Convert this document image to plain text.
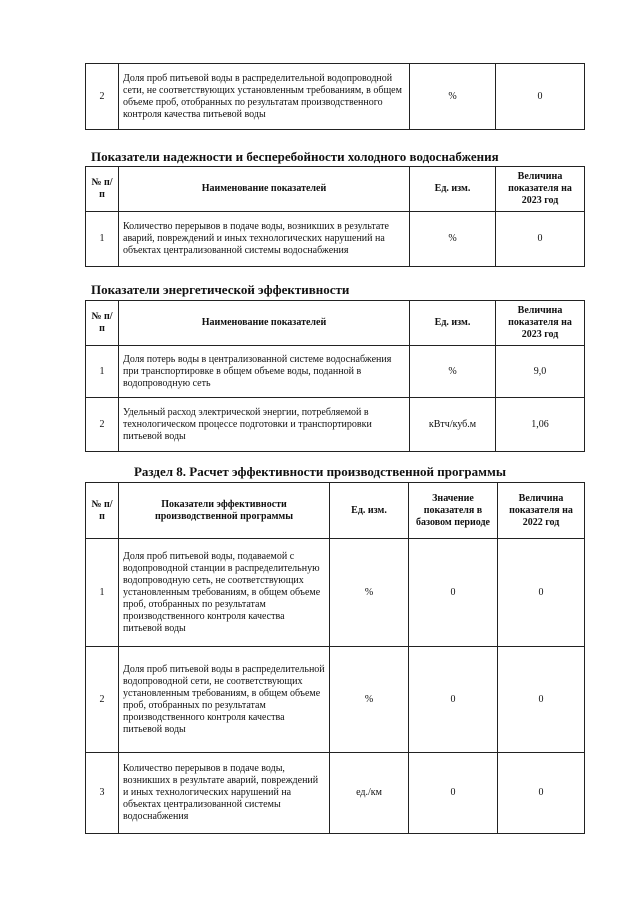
2	Доля проб питьевой воды в распределительной водопроводной сети, не соответствующих установленным требованиям, в общем объеме проб, отобранных по результатам производственного контроля качества питьевой воды	%	0
Показатели надежности и бесперебойности холодного водоснабжения
№ п/п	Наименование показателей	Ед. изм.	Величина показателя на 2023 год
1	Количество перерывов в подаче воды, возникших в результате аварий, повреждений и иных технологических нарушений на объектах централизованной системы водоснабжения	%	0
Показатели энергетической эффективности
№ п/п	Наименование показателей	Ед. изм.	Величина показателя на 2023 год
1	Доля потерь воды в централизованной системе водоснабжения при транспортировке в общем объеме воды, поданной в водопроводную сеть	%	9,0
2	Удельный расход электрической энергии, потребляемой в технологическом процессе подготовки и транспортировки питьевой воды	кВтч/куб.м	1,06
Раздел 8. Расчет эффективности производственной программы
№ п/п	Показатели эффективности производственной программы	Ед. изм.	Значение показателя в базовом периоде	Величина показателя на 2022 год
1	Доля проб питьевой воды, подаваемой с водопроводной станции в распределительную водопроводную сеть, не соответствующих установленным требованиям, в общем объеме проб, отобранных по результатам производственного контроля качества питьевой воды	%	0	0
2	Доля проб питьевой воды в распределительной водопроводной сети, не соответствующих установленным требованиям, в общем объеме проб, отобранных по результатам производственного контроля качества питьевой воды	%	0	0
3	Количество перерывов в подаче воды, возникших в результате аварий, повреждений и иных технологических нарушений на объектах централизованной системы водоснабжения	ед./км	0	0
